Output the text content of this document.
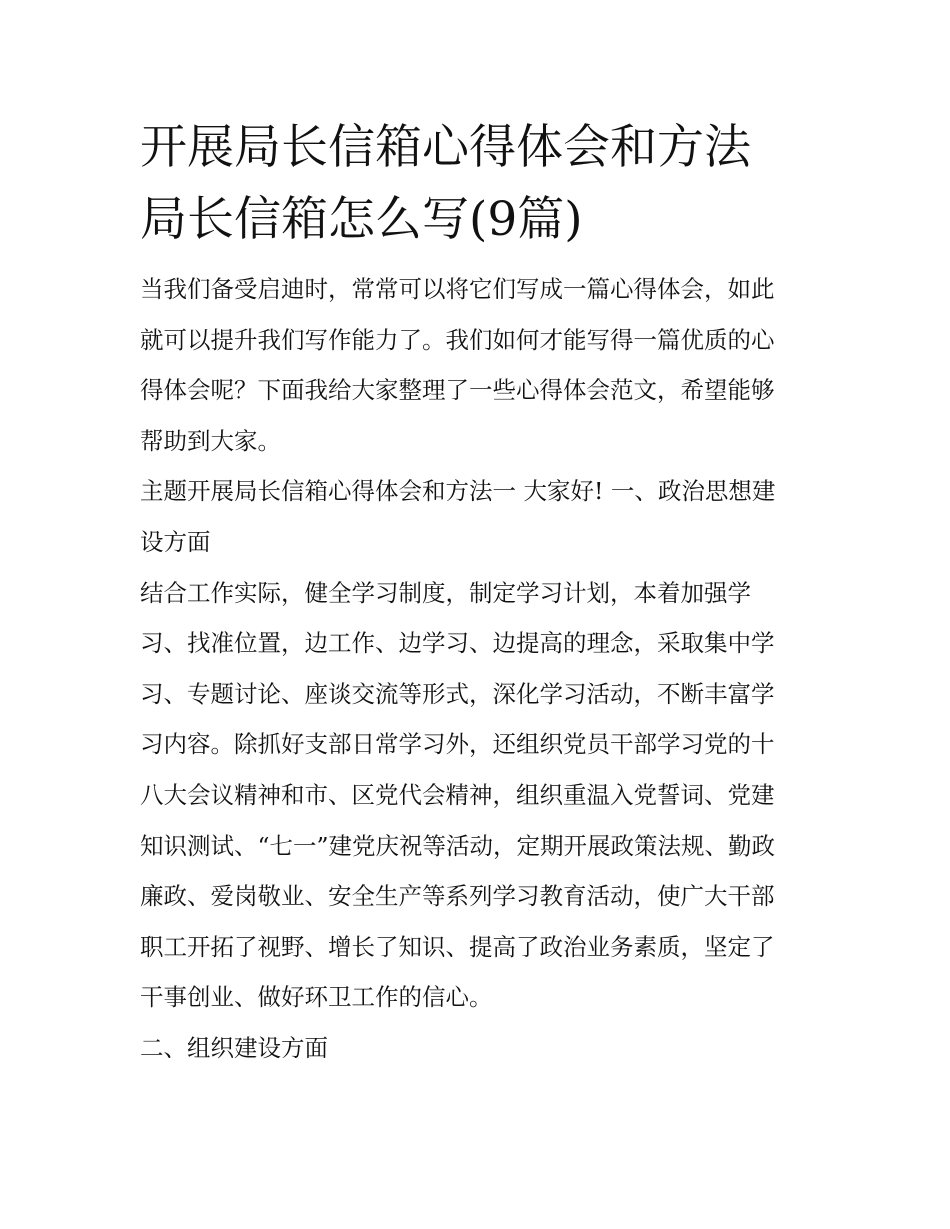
开展局长信箱心得体会和方法
局长信箱怎么写(9篇)

当我们备受启迪时，常常可以将它们写成一篇心得体会，如此
就可以提升我们写作能力了。我们如何才能写得一篇优质的心
得体会呢？下面我给大家整理了一些心得体会范文，希望能够
帮助到大家。

主题开展局长信箱心得体会和方法一 大家好! 一、政治思想建
设方面

结合工作实际，健全学习制度，制定学习计划，本着加强学
习、找准位置，边工作、边学习、边提高的理念，采取集中学
习、专题讨论、座谈交流等形式，深化学习活动，不断丰富学
习内容。除抓好支部日常学习外，还组织党员干部学习党的十
八大会议精神和市、区党代会精神，组织重温入党誓词、党建
知识测试、“七一”建党庆祝等活动，定期开展政策法规、勤政
廉政、爱岗敬业、安全生产等系列学习教育活动，使广大干部
职工开拓了视野、增长了知识、提高了政治业务素质，坚定了
干事创业、做好环卫工作的信心。

二、组织建设方面
